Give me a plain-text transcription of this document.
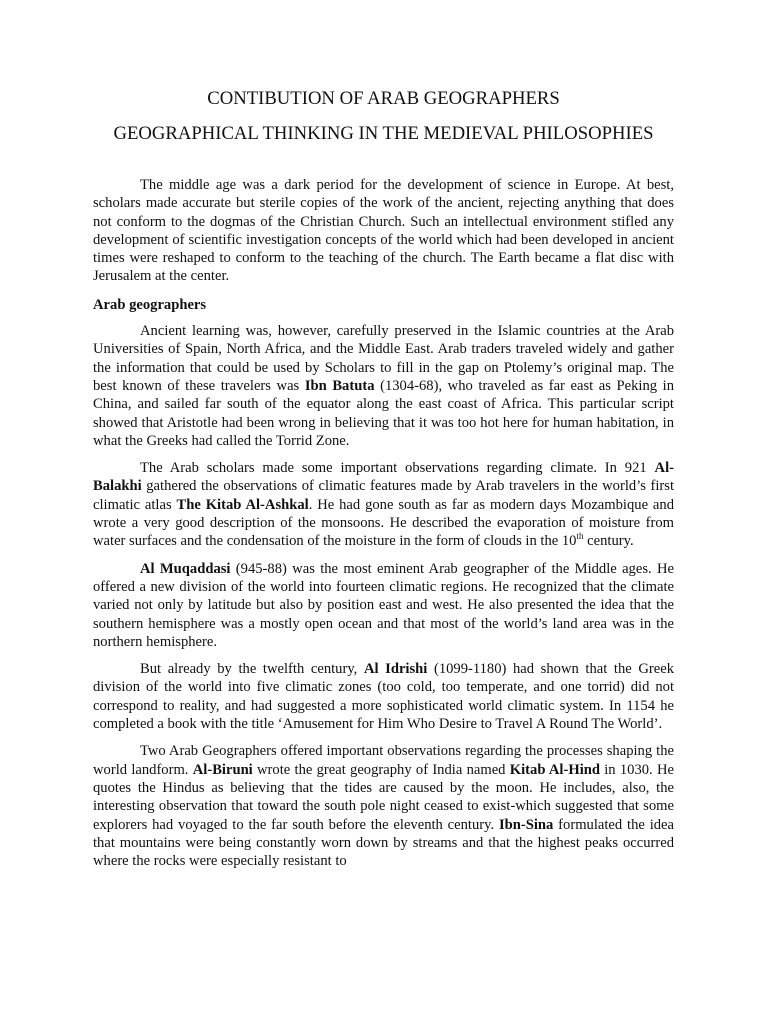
CONTIBUTION OF ARAB GEOGRAPHERS
GEOGRAPHICAL THINKING IN THE MEDIEVAL PHILOSOPHIES

The middle age was a dark period for the development of science in Europe. At best, scholars made accurate but sterile copies of the work of the ancient, rejecting anything that does not conform to the dogmas of the Christian Church. Such an intellectual environment stifled any development of scientific investigation concepts of the world which had been developed in ancient times were reshaped to conform to the teaching of the church. The Earth became a flat disc with Jerusalem at the center.

Arab geographers

Ancient learning was, however, carefully preserved in the Islamic countries at the Arab Universities of Spain, North Africa, and the Middle East. Arab traders traveled widely and gather the information that could be used by Scholars to fill in the gap on Ptolemy’s original map. The best known of these travelers was Ibn Batuta (1304-68), who traveled as far east as Peking in China, and sailed far south of the equator along the east coast of Africa. This particular script showed that Aristotle had been wrong in believing that it was too hot here for human habitation, in what the Greeks had called the Torrid Zone.

The Arab scholars made some important observations regarding climate. In 921 Al-Balakhi gathered the observations of climatic features made by Arab travelers in the world’s first climatic atlas The Kitab Al-Ashkal. He had gone south as far as modern days Mozambique and wrote a very good description of the monsoons. He described the evaporation of moisture from water surfaces and the condensation of the moisture in the form of clouds in the 10th century.

Al Muqaddasi (945-88) was the most eminent Arab geographer of the Middle ages. He offered a new division of the world into fourteen climatic regions. He recognized that the climate varied not only by latitude but also by position east and west. He also presented the idea that the southern hemisphere was a mostly open ocean and that most of the world’s land area was in the northern hemisphere.

But already by the twelfth century, Al Idrishi (1099-1180) had shown that the Greek division of the world into five climatic zones (too cold, too temperate, and one torrid) did not correspond to reality, and had suggested a more sophisticated world climatic system. In 1154 he completed a book with the title ‘Amusement for Him Who Desire to Travel A Round The World’.

Two Arab Geographers offered important observations regarding the processes shaping the world landform. Al-Biruni wrote the great geography of India named Kitab Al-Hind in 1030. He quotes the Hindus as believing that the tides are caused by the moon. He includes, also, the interesting observation that toward the south pole night ceased to exist-which suggested that some explorers had voyaged to the far south before the eleventh century. Ibn-Sina formulated the idea that mountains were being constantly worn down by streams and that the highest peaks occurred where the rocks were especially resistant to
